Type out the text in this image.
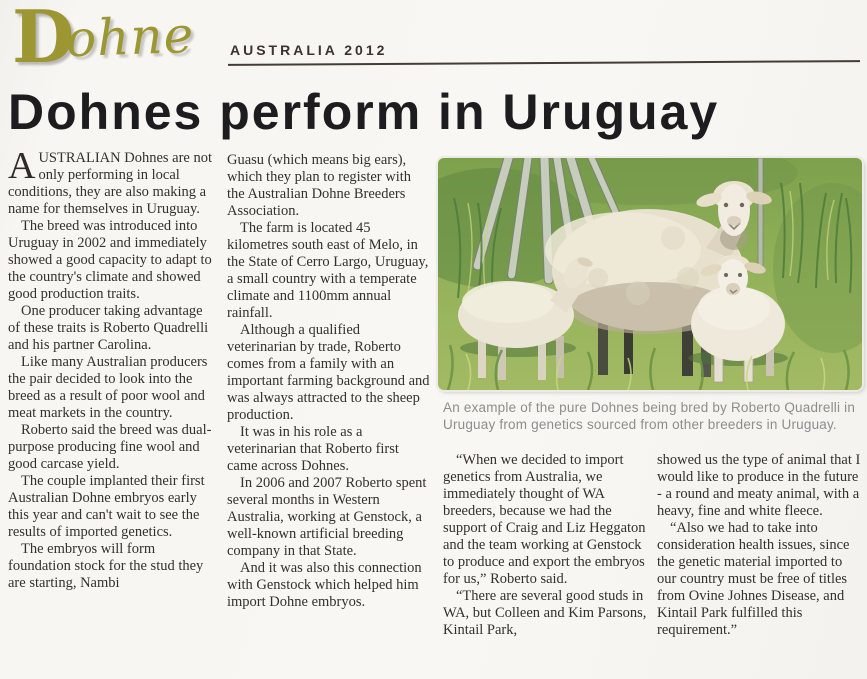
Dohne AUSTRALIA 2012
Dohnes perform in Uruguay

AUSTRALIAN Dohnes are not only performing in local conditions, they are also making a name for themselves in Uruguay.

The breed was introduced into Uruguay in 2002 and immediately showed a good capacity to adapt to the country's climate and showed good production traits.

One producer taking advantage of these traits is Roberto Quadrelli and his partner Carolina.

Like many Australian producers the pair decided to look into the breed as a result of poor wool and meat markets in the country.

Roberto said the breed was dual-purpose producing fine wool and good carcase yield.

The couple implanted their first Australian Dohne embryos early this year and can't wait to see the results of imported genetics.

The embryos will form foundation stock for the stud they are starting, Nambi

Guasu (which means big ears), which they plan to register with the Australian Dohne Breeders Association.

The farm is located 45 kilometres south east of Melo, in the State of Cerro Largo, Uruguay, a small country with a temperate climate and 1100mm annual rainfall.

Although a qualified veterinarian by trade, Roberto comes from a family with an important farming background and was always attracted to the sheep production.

It was in his role as a veterinarian that Roberto first came across Dohnes.

In 2006 and 2007 Roberto spent several months in Western Australia, working at Genstock, a well-known artificial breeding company in that State.

And it was also this connection with Genstock which helped him import Dohne embryos.

An example of the pure Dohnes being bred by Roberto Quadrelli in Uruguay from genetics sourced from other breeders in Uruguay.

“When we decided to import genetics from Australia, we immediately thought of WA breeders, because we had the support of Craig and Liz Heggaton and the team working at Genstock to produce and export the embryos for us,” Roberto said.

“There are several good studs in WA, but Colleen and Kim Parsons, Kintail Park,

showed us the type of animal that I would like to produce in the future - a round and meaty animal, with a heavy, fine and white fleece.

“Also we had to take into consideration health issues, since the genetic material imported to our country must be free of titles from Ovine Johnes Disease, and Kintail Park fulfilled this requirement.”
